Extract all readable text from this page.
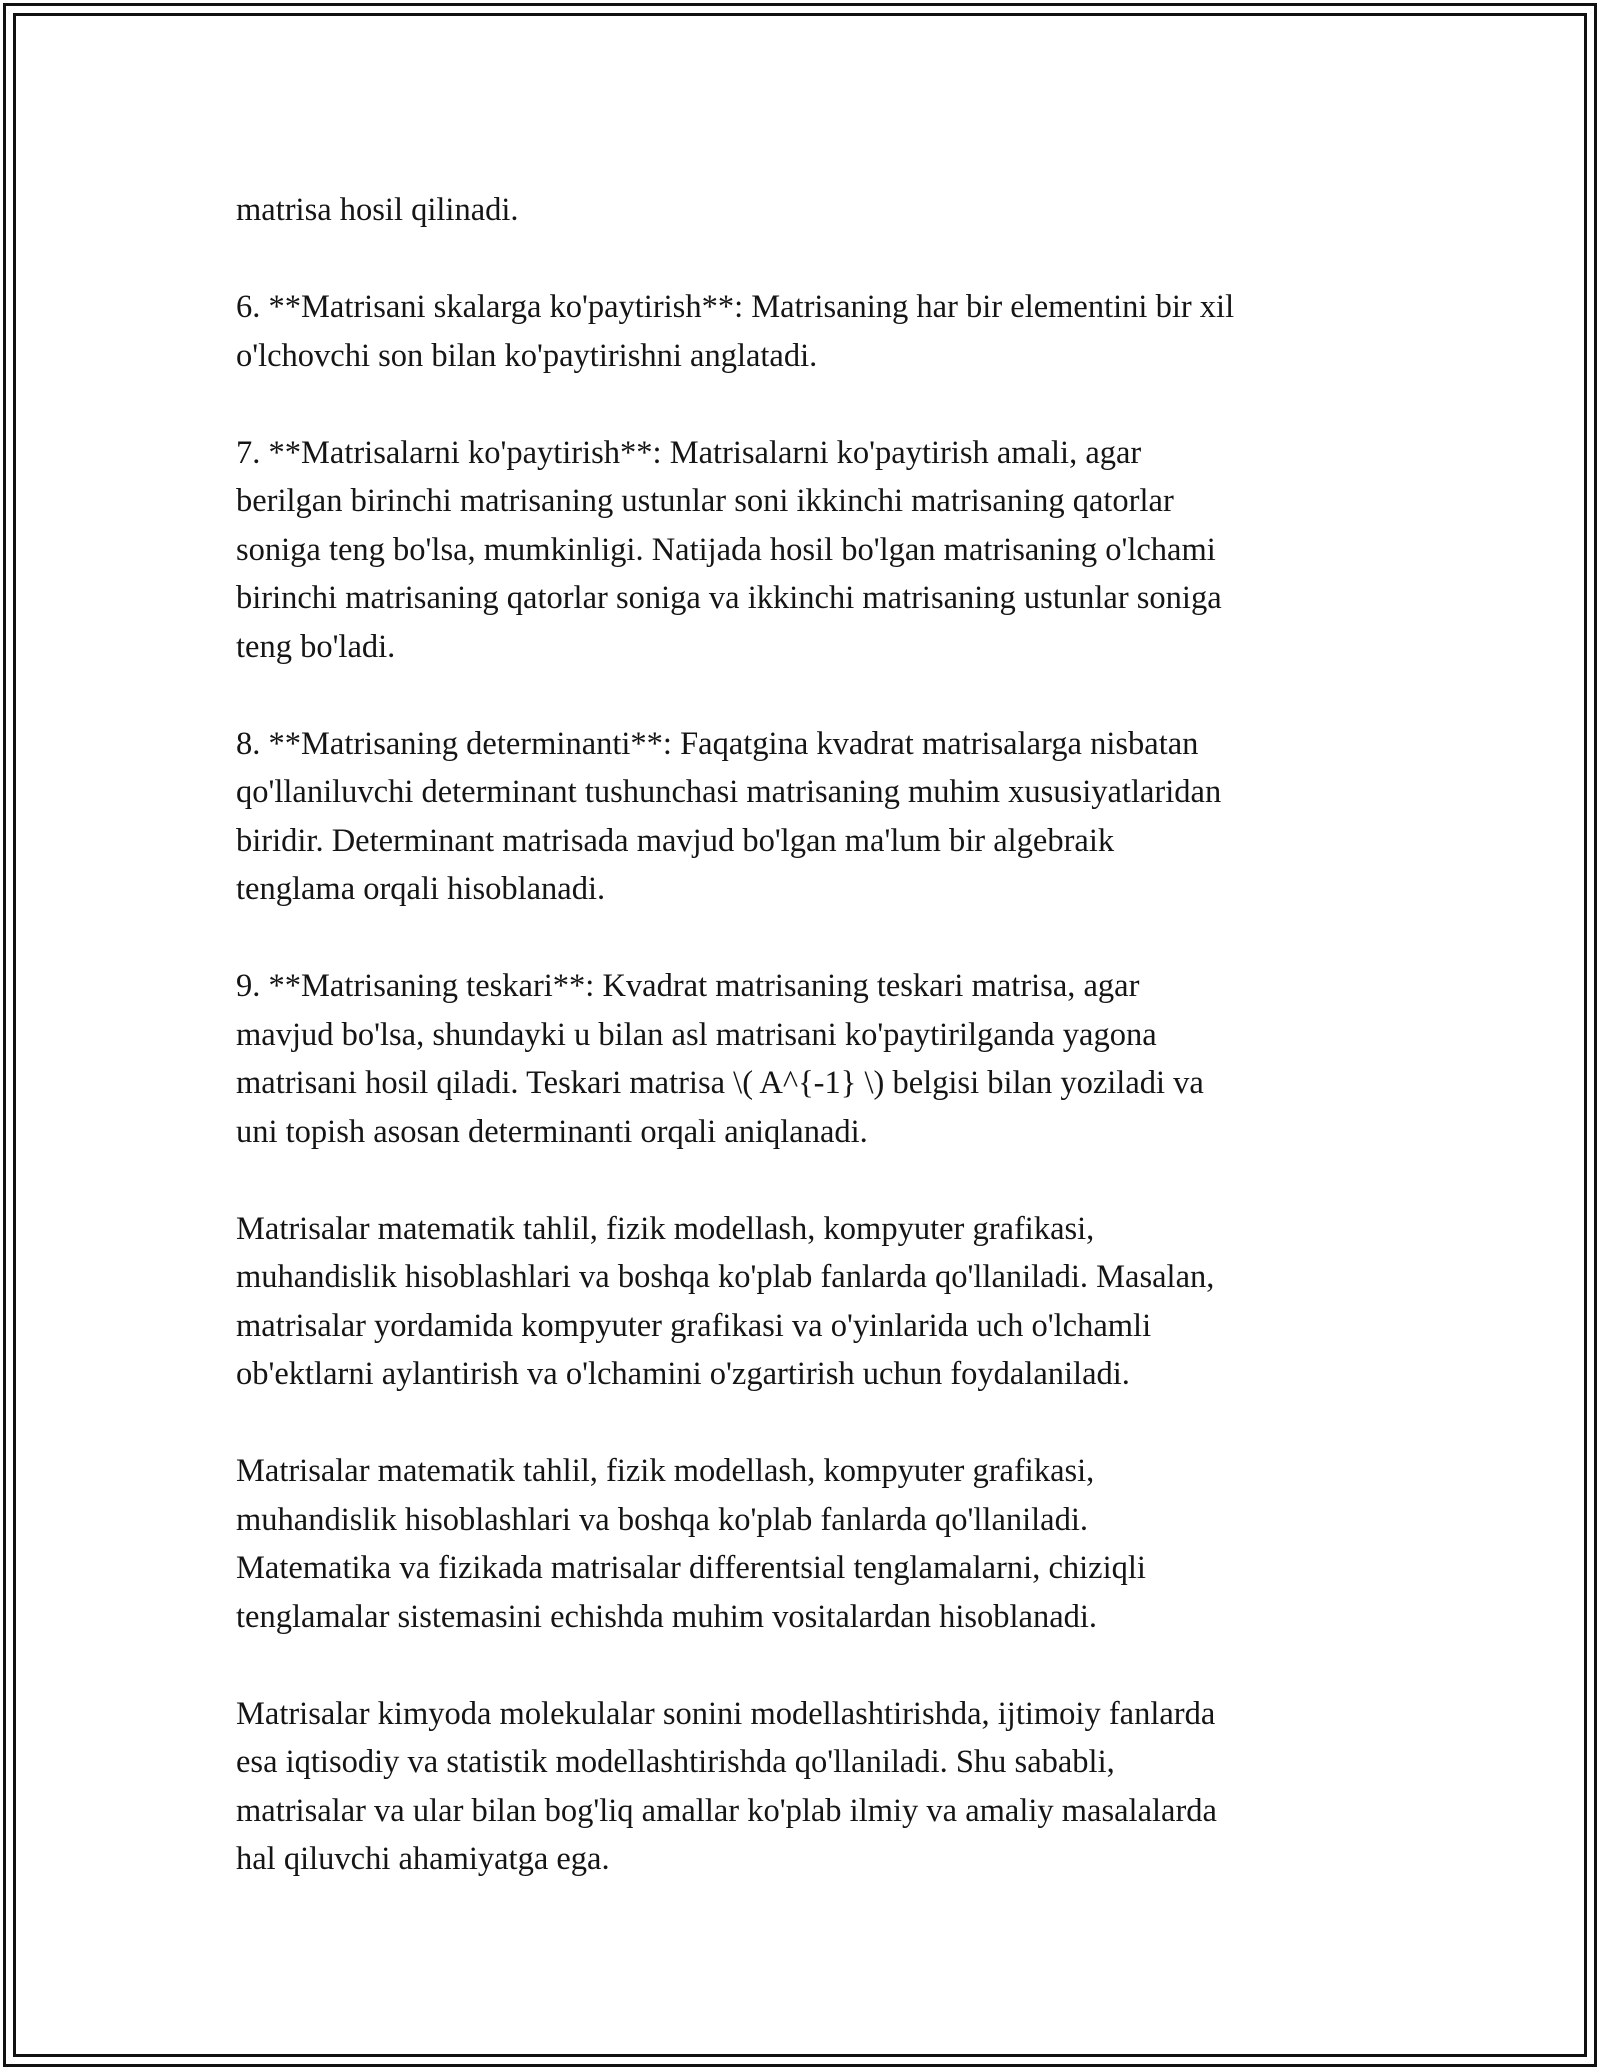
matrisa hosil qilinadi.

6. **Matrisani skalarga ko'paytirish**: Matrisaning har bir elementini bir xil
o'lchovchi son bilan ko'paytirishni anglatadi.

7. **Matrisalarni ko'paytirish**: Matrisalarni ko'paytirish amali, agar
berilgan birinchi matrisaning ustunlar soni ikkinchi matrisaning qatorlar
soniga teng bo'lsa, mumkinligi. Natijada hosil bo'lgan matrisaning o'lchami
birinchi matrisaning qatorlar soniga va ikkinchi matrisaning ustunlar soniga
teng bo'ladi.

8. **Matrisaning determinanti**: Faqatgina kvadrat matrisalarga nisbatan
qo'llaniluvchi determinant tushunchasi matrisaning muhim xususiyatlaridan
biridir. Determinant matrisada mavjud bo'lgan ma'lum bir algebraik
tenglama orqali hisoblanadi.

9. **Matrisaning teskari**: Kvadrat matrisaning teskari matrisa, agar
mavjud bo'lsa, shundayki u bilan asl matrisani ko'paytirilganda yagona
matrisani hosil qiladi. Teskari matrisa \( A^{-1} \) belgisi bilan yoziladi va
uni topish asosan determinanti orqali aniqlanadi.

Matrisalar matematik tahlil, fizik modellash, kompyuter grafikasi,
muhandislik hisoblashlari va boshqa ko'plab fanlarda qo'llaniladi. Masalan,
matrisalar yordamida kompyuter grafikasi va o'yinlarida uch o'lchamli
ob'ektlarni aylantirish va o'lchamini o'zgartirish uchun foydalaniladi.

Matrisalar matematik tahlil, fizik modellash, kompyuter grafikasi,
muhandislik hisoblashlari va boshqa ko'plab fanlarda qo'llaniladi.
Matematika va fizikada matrisalar differentsial tenglamalarni, chiziqli
tenglamalar sistemasini echishda muhim vositalardan hisoblanadi.

Matrisalar kimyoda molekulalar sonini modellashtirishda, ijtimoiy fanlarda
esa iqtisodiy va statistik modellashtirishda qo'llaniladi. Shu sababli,
matrisalar va ular bilan bog'liq amallar ko'plab ilmiy va amaliy masalalarda
hal qiluvchi ahamiyatga ega.
